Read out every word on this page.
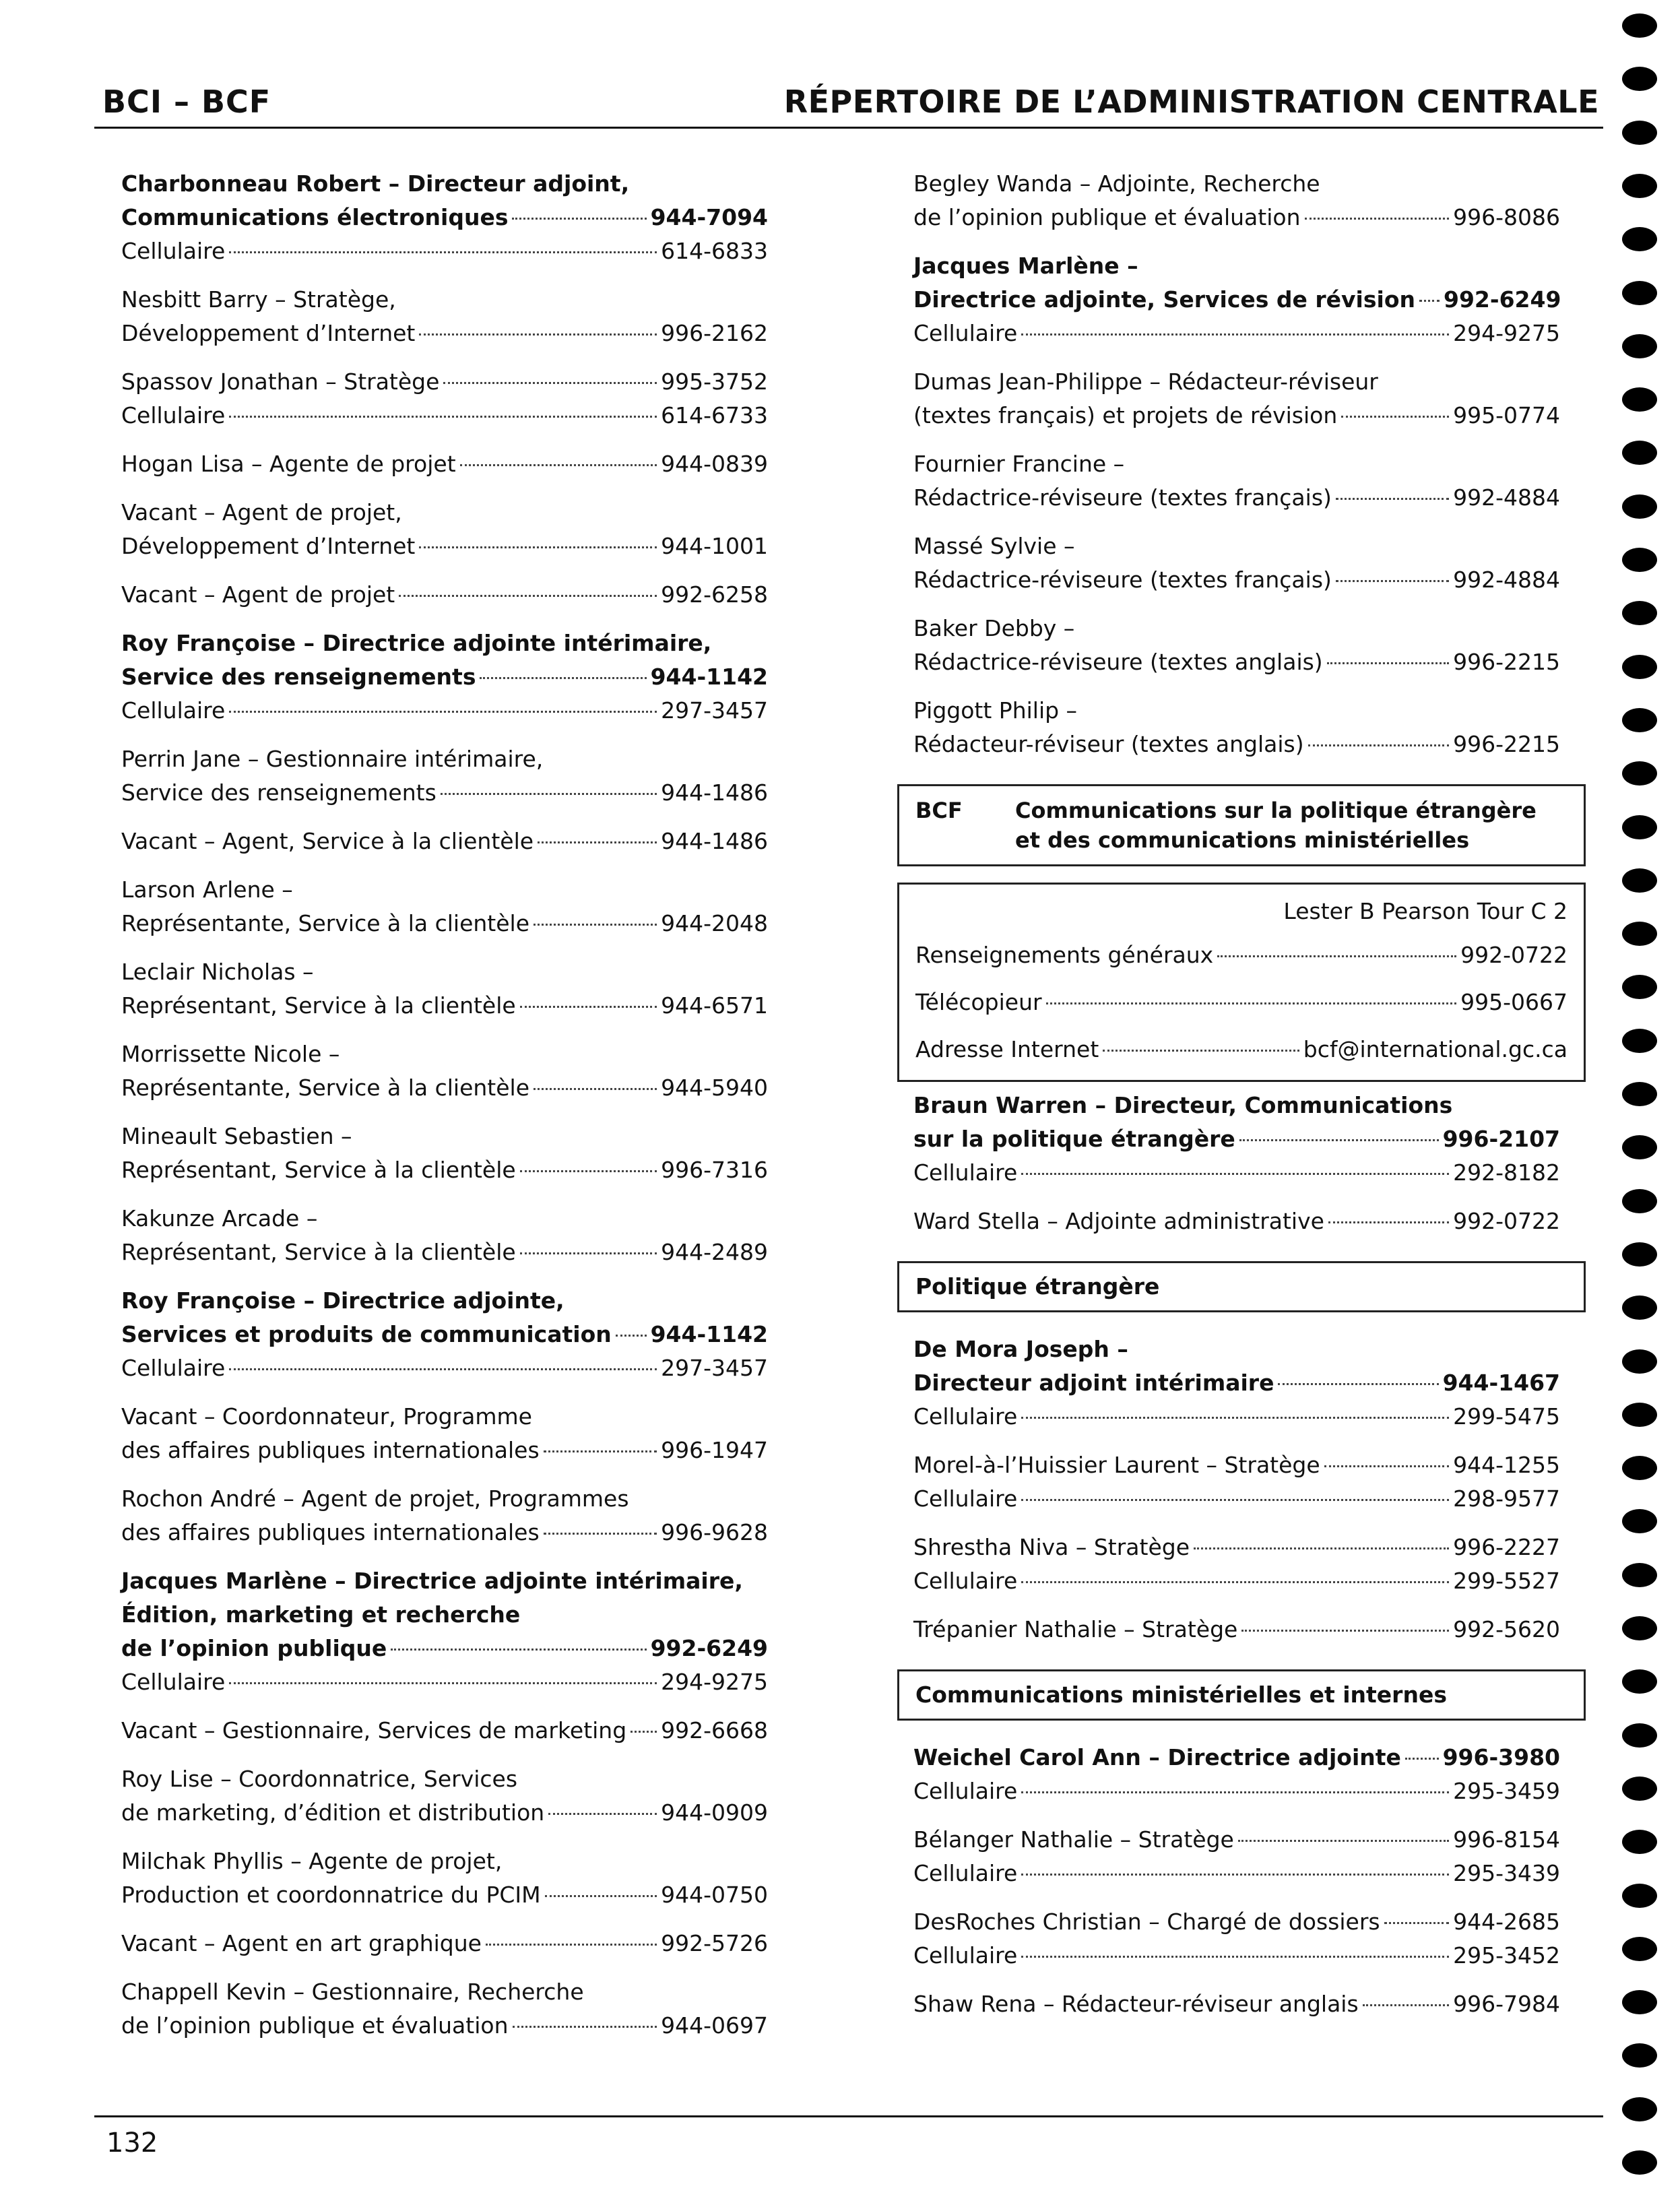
BCI – BCF	RÉPERTOIRE DE L’ADMINISTRATION CENTRALE
Charbonneau Robert – Directeur adjoint,
Communications électroniques	944-7094
Cellulaire	614-6833
Nesbitt Barry – Stratège,
Développement d’Internet	996-2162
Spassov Jonathan – Stratège	995-3752
Cellulaire	614-6733
Hogan Lisa – Agente de projet	944-0839
Vacant – Agent de projet,
Développement d’Internet	944-1001
Vacant – Agent de projet	992-6258
Roy Françoise – Directrice adjointe intérimaire,
Service des renseignements	944-1142
Cellulaire	297-3457
Perrin Jane – Gestionnaire intérimaire,
Service des renseignements	944-1486
Vacant – Agent, Service à la clientèle	944-1486
Larson Arlene –
Représentante, Service à la clientèle	944-2048
Leclair Nicholas –
Représentant, Service à la clientèle	944-6571
Morrissette Nicole –
Représentante, Service à la clientèle	944-5940
Mineault Sebastien –
Représentant, Service à la clientèle	996-7316
Kakunze Arcade –
Représentant, Service à la clientèle	944-2489
Roy Françoise – Directrice adjointe,
Services et produits de communication 944-1142
Cellulaire	297-3457
Vacant – Coordonnateur, Programme
des affaires publiques internationales	996-1947
Rochon André – Agent de projet, Programmes
des affaires publiques internationales	996-9628
Jacques Marlène – Directrice adjointe intérimaire,
Édition, marketing et recherche
de l’opinion publique	992-6249
Cellulaire	294-9275
Vacant – Gestionnaire, Services de marketing 992-6668
Roy Lise – Coordonnatrice, Services
de marketing, d’édition et distribution	944-0909
Milchak Phyllis – Agente de projet,
Production et coordonnatrice du PCIM	944-0750
Vacant – Agent en art graphique	992-5726
Chappell Kevin – Gestionnaire, Recherche
de l’opinion publique et évaluation	944-0697
Begley Wanda – Adjointe, Recherche
de l’opinion publique et évaluation	996-8086
Jacques Marlène –
Directrice adjointe, Services de révision 992-6249
Cellulaire	294-9275
Dumas Jean-Philippe – Rédacteur-réviseur
(textes français) et projets de révision	995-0774
Fournier Francine –
Rédactrice-réviseure (textes français)	992-4884
Massé Sylvie –
Rédactrice-réviseure (textes français)	992-4884
Baker Debby –
Rédactrice-réviseure (textes anglais)	996-2215
Piggott Philip –
Rédacteur-réviseur (textes anglais)	996-2215
BCF	Communications sur la politique étrangère
et des communications ministérielles
Lester B Pearson Tour C 2
Renseignements généraux	992-0722
Télécopieur	995-0667
Adresse Internet	bcf@international.gc.ca
Braun Warren – Directeur, Communications
sur la politique étrangère	996-2107
Cellulaire	292-8182
Ward Stella – Adjointe administrative	992-0722
Politique étrangère
De Mora Joseph –
Directeur adjoint intérimaire	944-1467
Cellulaire	299-5475
Morel-à-l’Huissier Laurent – Stratège	944-1255
Cellulaire	298-9577
Shrestha Niva – Stratège	996-2227
Cellulaire	299-5527
Trépanier Nathalie – Stratège	992-5620
Communications ministérielles et internes
Weichel Carol Ann – Directrice adjointe 996-3980
Cellulaire	295-3459
Bélanger Nathalie – Stratège	996-8154
Cellulaire	295-3439
DesRoches Christian – Chargé de dossiers	944-2685
Cellulaire	295-3452
Shaw Rena – Rédacteur-réviseur anglais	996-7984
132
